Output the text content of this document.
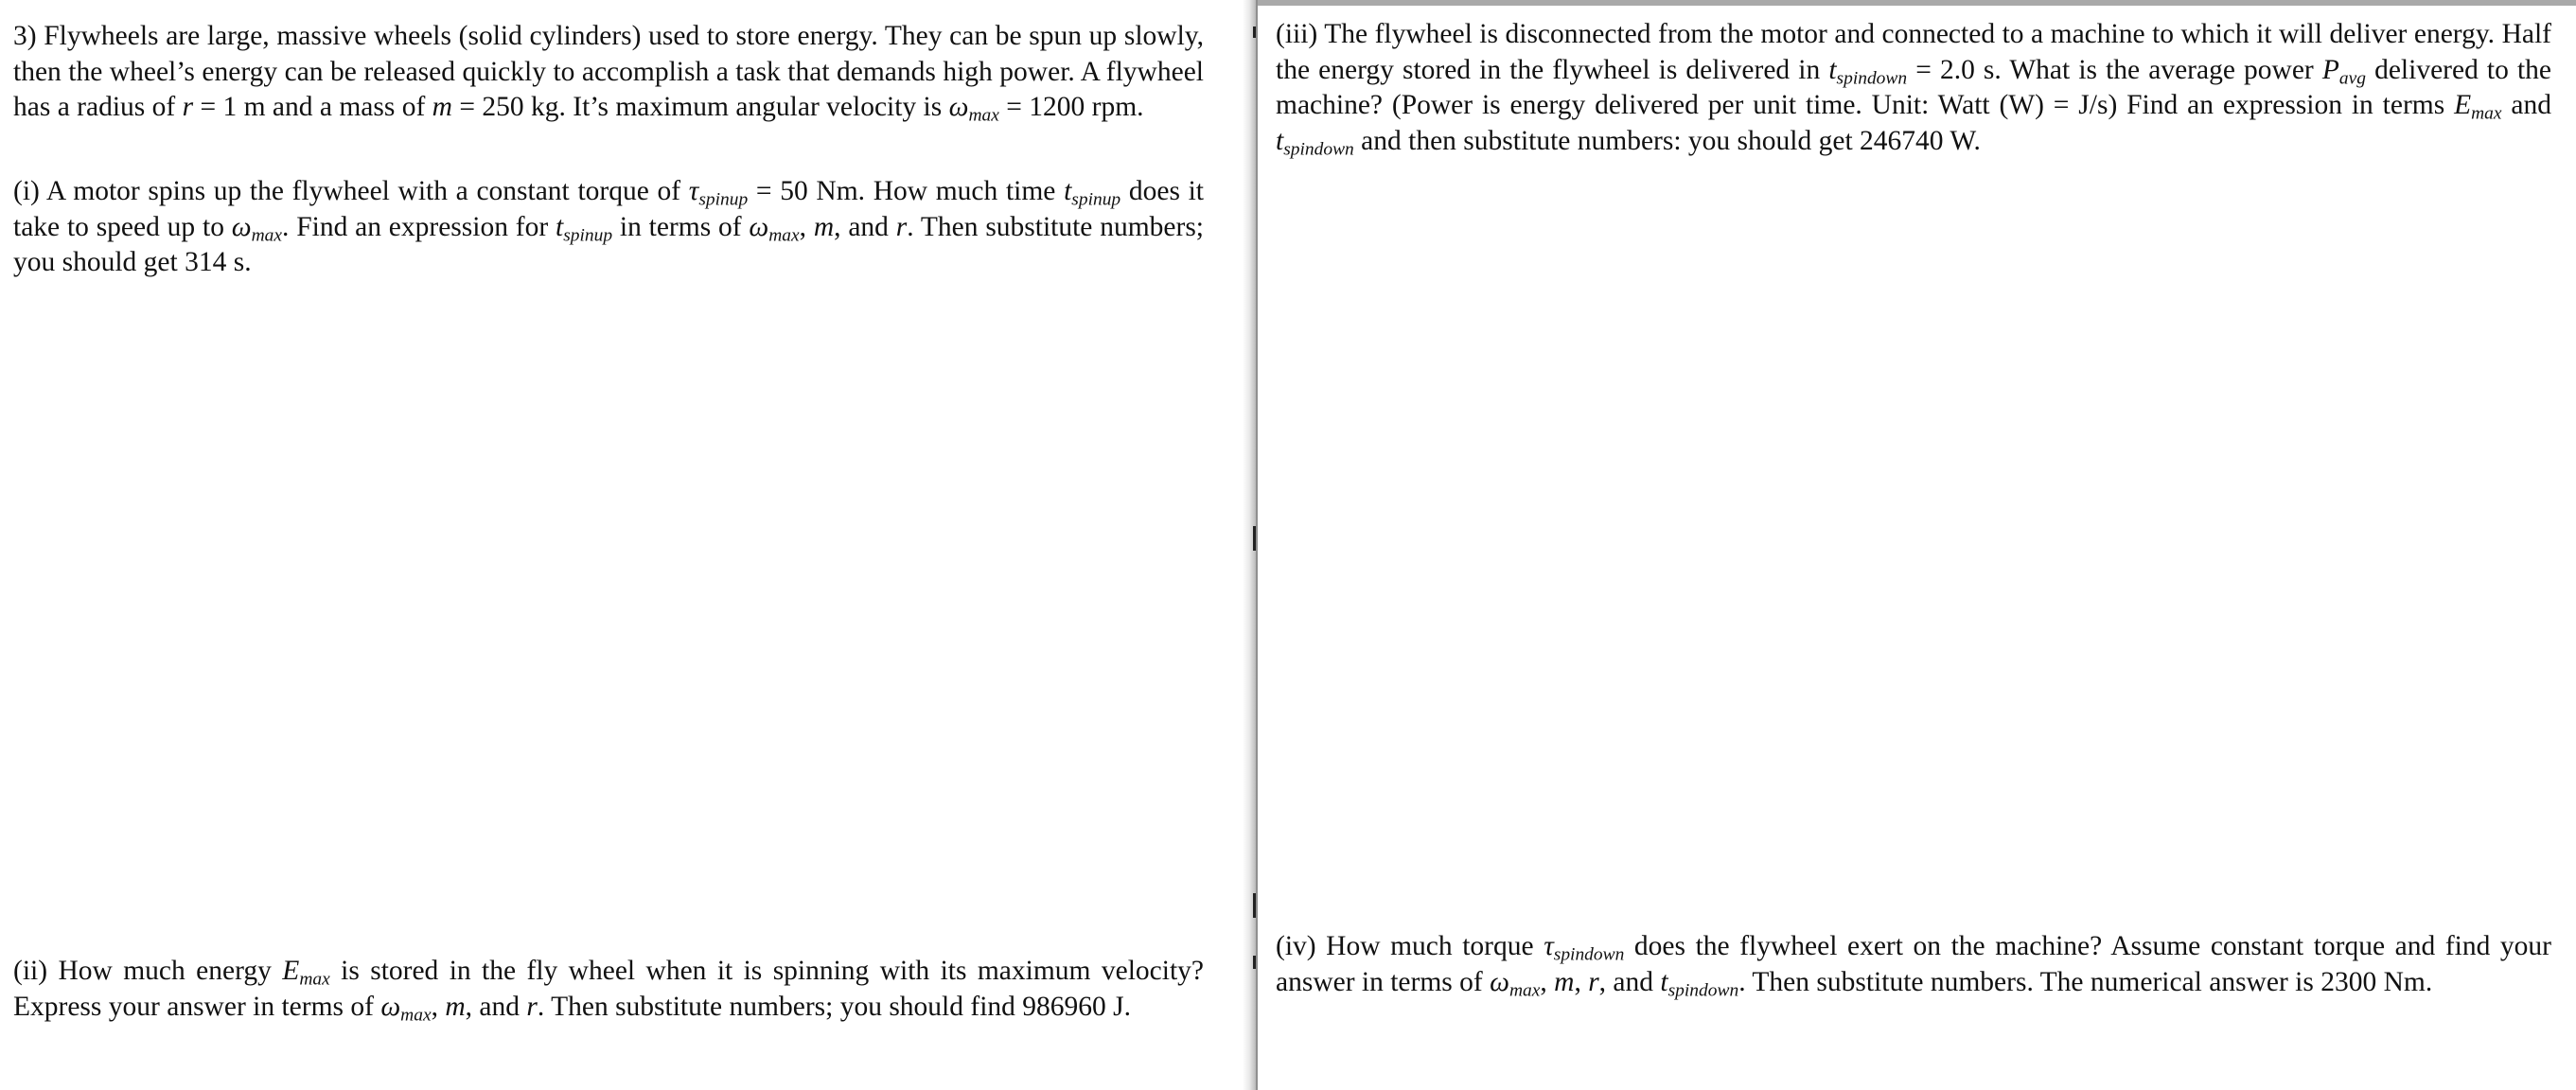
3) Flywheels are large, massive wheels (solid cylinders) used to store energy. They can be spun up slowly, then the wheel’s energy can be released quickly to accomplish a task that demands high power. A flywheel has a radius of r = 1 m and a mass of m = 250 kg. It’s maximum angular velocity is $\omega_{max} = 1200$ rpm.

(i) A motor spins up the flywheel with a constant torque of $\tau_{spinup} = 50$ Nm. How much time $t_{spinup}$ does it take to speed up to $\omega_{max}$. Find an expression for $t_{spinup}$ in terms of $\omega_{max}$, m, and r. Then substitute numbers; you should get 314 s.

(ii) How much energy $E_{max}$ is stored in the fly wheel when it is spinning with its maximum velocity? Express your answer in terms of $\omega_{max}$, m, and r. Then substitute numbers; you should find 986960 J.

(iii) The flywheel is disconnected from the motor and connected to a machine to which it will deliver energy. Half the energy stored in the flywheel is delivered in $t_{spindown} = 2.0$ s. What is the average power $P_{avg}$ delivered to the machine? (Power is energy delivered per unit time. Unit: Watt (W) = J/s) Find an expression in terms $E_{max}$ and $t_{spindown}$ and then substitute numbers: you should get 246740 W.

(iv) How much torque $\tau_{spindown}$ does the flywheel exert on the machine? Assume constant torque and find your answer in terms of $\omega_{max}$, m, r, and $t_{spindown}$. Then substitute numbers. The numerical answer is 2300 Nm.
